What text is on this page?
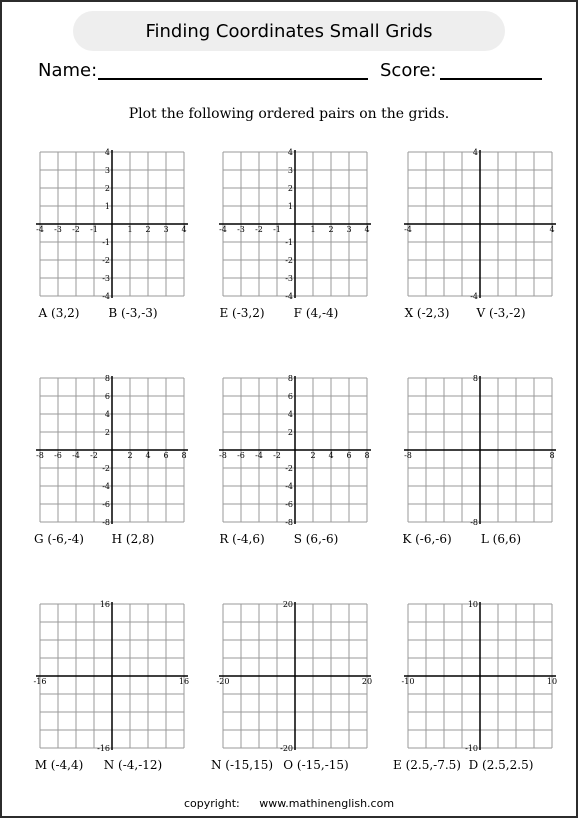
Finding Coordinates Small Grids
Name:	Score:
Plot the following ordered pairs on the grids.
-4
-4
-3
-3
-2
-2
-1
-1
1
1
2
2
3
3
4
4
-4
-4
-3
-3
-2
-2
-1
-1
1
1
2
2
3
3
4
4
-4
-4
4
4
-8
-8
-6
-6
-4
-4
-2
-2
2
2
4
4
6
6
8
8
-8
-8
-6
-6
-4
-4
-2
-2
2
2
4
4
6
6
8
8
-8
-8
8
8
-16
-16
16
16
-20
-20
20
20
-10
-10
10
10
A (3,2)	B (-3,-3)	E (-3,2)	F (4,-4)	X (-2,3)	V (-3,-2)
G (-6,-4)	H (2,8)	R (-4,6)	S (6,-6)	K (-6,-6)	L (6,6)
M (-4,4)	N (-4,-12)	N (-15,15) O (-15,-15)	E (2.5,-7.5) D (2.5,2.5)
copyright: www.mathinenglish.com
